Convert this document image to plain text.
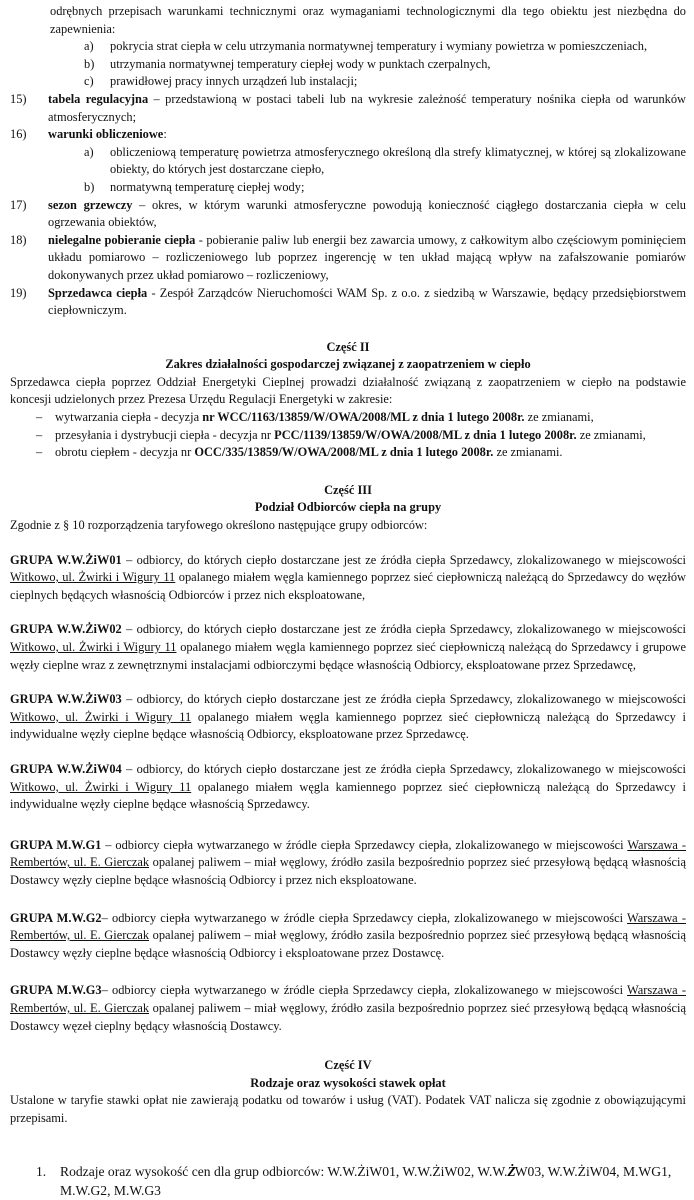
odrębnych przepisach warunkami technicznymi oraz wymaganiami technologicznymi dla tego obiektu jest niezbędna do zapewnienia:

a) pokrycia strat ciepła w celu utrzymania normatywnej temperatury i wymiany powietrza w pomieszczeniach,
b) utrzymania normatywnej temperatury ciepłej wody w punktach czerpalnych,
c) prawidłowej pracy innych urządzeń lub instalacji;
15) tabela regulacyjna – przedstawioną w postaci tabeli lub na wykresie zależność temperatury nośnika ciepła od warunków atmosferycznych;
16) warunki obliczeniowe:
a) obliczeniową temperaturę powietrza atmosferycznego określoną dla strefy klimatycznej, w której są zlokalizowane obiekty, do których jest dostarczane ciepło,
b) normatywną temperaturę ciepłej wody;
17) sezon grzewczy – okres, w którym warunki atmosferyczne powodują konieczność ciągłego dostarczania ciepła w celu ogrzewania obiektów,
18) nielegalne pobieranie ciepła - pobieranie paliw lub energii bez zawarcia umowy, z całkowitym albo częściowym pominięciem układu pomiarowo – rozliczeniowego lub poprzez ingerencję w ten układ mającą wpływ na zafałszowanie pomiarów dokonywanych przez układ pomiarowo – rozliczeniowy,
19) Sprzedawca ciepła - Zespół Zarządców Nieruchomości WAM Sp. z o.o. z siedzibą w Warszawie, będący przedsiębiorstwem ciepłowniczym.

Część II

Zakres działalności gospodarczej związanej z zaopatrzeniem w ciepło

Sprzedawca ciepła poprzez Oddział Energetyki Cieplnej prowadzi działalność związaną z zaopatrzeniem w ciepło na podstawie koncesji udzielonych przez Prezesa Urzędu Regulacji Energetyki w zakresie:

– wytwarzania ciepła - decyzja nr WCC/1163/13859/W/OWA/2008/ML z dnia 1 lutego 2008r. ze zmianami,
– przesyłania i dystrybucji ciepła - decyzja nr PCC/1139/13859/W/OWA/2008/ML z dnia 1 lutego 2008r. ze zmianami,
– obrotu ciepłem - decyzja nr OCC/335/13859/W/OWA/2008/ML z dnia 1 lutego 2008r. ze zmianami.

Część III

Podział Odbiorców ciepła na grupy

Zgodnie z § 10 rozporządzenia taryfowego określono następujące grupy odbiorców:

GRUPA W.W.ŻiW01 – odbiorcy, do których ciepło dostarczane jest ze źródła ciepła Sprzedawcy, zlokalizowanego w miejscowości Witkowo, ul. Żwirki i Wigury 11 opalanego miałem węgla kamiennego poprzez sieć ciepłowniczą należącą do Sprzedawcy do węzłów cieplnych będących własnością Odbiorców i przez nich eksploatowane,

GRUPA W.W.ŻiW02 – odbiorcy, do których ciepło dostarczane jest ze źródła ciepła Sprzedawcy, zlokalizowanego w miejscowości Witkowo, ul. Żwirki i Wigury 11 opalanego miałem węgla kamiennego poprzez sieć ciepłowniczą należącą do Sprzedawcy i grupowe węzły cieplne wraz z zewnętrznymi instalacjami odbiorczymi będące własnością Odbiorcy, eksploatowane przez Sprzedawcę,

GRUPA W.W.ŻiW03 – odbiorcy, do których ciepło dostarczane jest ze źródła ciepła Sprzedawcy, zlokalizowanego w miejscowości Witkowo, ul. Żwirki i Wigury 11 opalanego miałem węgla kamiennego poprzez sieć ciepłowniczą należącą do Sprzedawcy i indywidualne węzły cieplne będące własnością Odbiorcy, eksploatowane przez Sprzedawcę.

GRUPA W.W.ŻiW04 – odbiorcy, do których ciepło dostarczane jest ze źródła ciepła Sprzedawcy, zlokalizowanego w miejscowości Witkowo, ul. Żwirki i Wigury 11 opalanego miałem węgla kamiennego poprzez sieć ciepłowniczą należącą do Sprzedawcy i indywidualne węzły cieplne będące własnością Sprzedawcy.

GRUPA M.W.G1 – odbiorcy ciepła wytwarzanego w źródle ciepła Sprzedawcy ciepła, zlokalizowanego w miejscowości Warszawa - Rembertów, ul. E. Gierczak opalanej paliwem – miał węglowy, źródło zasila bezpośrednio poprzez sieć przesyłową będącą własnością Dostawcy węzły cieplne będące własnością Odbiorcy i przez nich eksploatowane.

GRUPA M.W.G2– odbiorcy ciepła wytwarzanego w źródle ciepła Sprzedawcy ciepła, zlokalizowanego w miejscowości Warszawa - Rembertów, ul. E. Gierczak opalanej paliwem – miał węglowy, źródło zasila bezpośrednio poprzez sieć przesyłową będącą własnością Dostawcy węzły cieplne będące własnością Odbiorcy i eksploatowane przez Dostawcę.

GRUPA M.W.G3– odbiorcy ciepła wytwarzanego w źródle ciepła Sprzedawcy ciepła, zlokalizowanego w miejscowości Warszawa - Rembertów, ul. E. Gierczak opalanej paliwem – miał węglowy, źródło zasila bezpośrednio poprzez sieć przesyłową będącą własnością Dostawcy węzeł cieplny będący własnością Dostawcy.

Część IV

Rodzaje oraz wysokości stawek opłat

Ustalone w taryfie stawki opłat nie zawierają podatku od towarów i usług (VAT). Podatek VAT nalicza się zgodnie z obowiązującymi przepisami.

1. Rodzaje oraz wysokość cen dla grup odbiorców: W.W.ŻiW01, W.W.ŻiW02, W.W.ŻW03, W.W.ŻiW04, M.WG1, M.W.G2, M.W.G3
